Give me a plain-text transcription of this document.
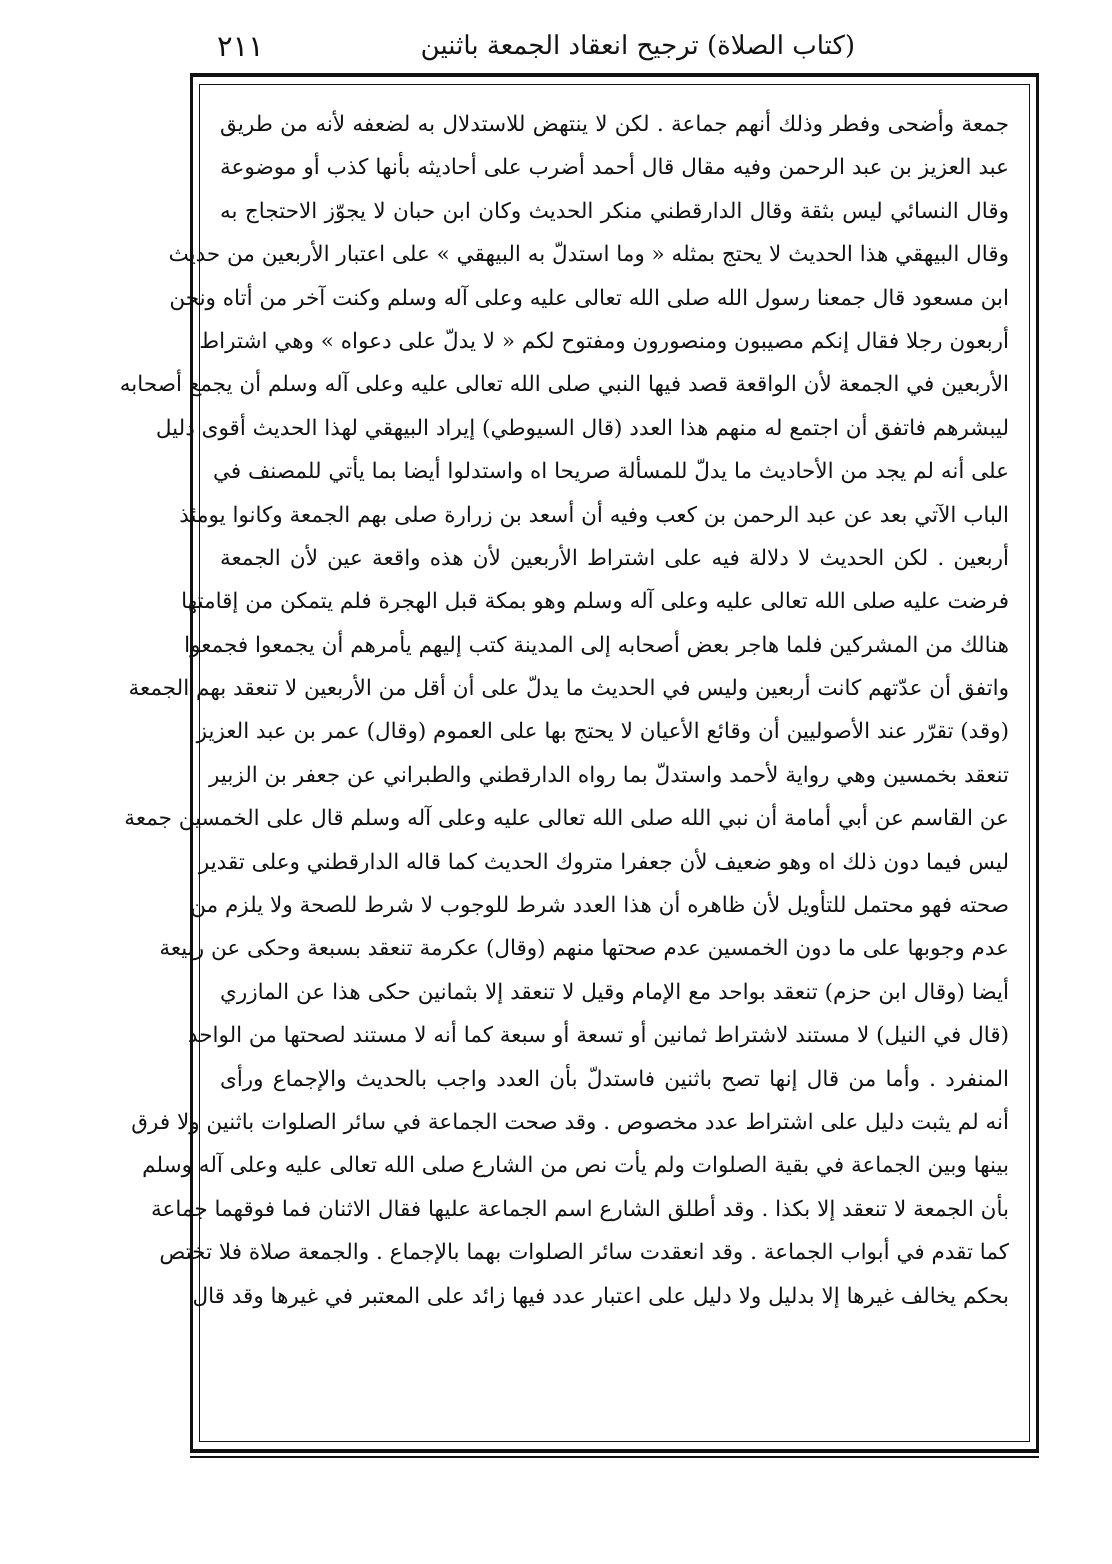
٢١١	(كتاب الصلاة) ترجيح انعقاد الجمعة باثنين
جمعة وأضحى وفطر وذلك أنهم جماعة . لكن لا ينتهض للاستدلال به لضعفه لأنه من طريق
عبد العزيز بن عبد الرحمن وفيه مقال قال أحمد أضرب على أحاديثه بأنها كذب أو موضوعة
وقال النسائي ليس بثقة وقال الدارقطني منكر الحديث وكان ابن حبان لا يجوّز الاحتجاج به
وقال البيهقي هذا الحديث لا يحتج بمثله « وما استدلّ به البيهقي » على اعتبار الأربعين من حديث
ابن مسعود قال جمعنا رسول الله صلى الله تعالى عليه وعلى آله وسلم وكنت آخر من أتاه ونحن
أربعون رجلا فقال إنكم مصيبون ومنصورون ومفتوح لكم « لا يدلّ على دعواه » وهي اشتراط
الأربعين في الجمعة لأن الواقعة قصد فيها النبي صلى الله تعالى عليه وعلى آله وسلم أن يجمع أصحابه
ليبشرهم فاتفق أن اجتمع له منهم هذا العدد (قال السيوطي) إيراد البيهقي لهذا الحديث أقوى دليل
على أنه لم يجد من الأحاديث ما يدلّ للمسألة صريحا اه واستدلوا أيضا بما يأتي للمصنف في
الباب الآتي بعد عن عبد الرحمن بن كعب وفيه أن أسعد بن زرارة صلى بهم الجمعة وكانوا يومئذ
أربعين . لكن الحديث لا دلالة فيه على اشتراط الأربعين لأن هذه واقعة عين لأن الجمعة
فرضت عليه صلى الله تعالى عليه وعلى آله وسلم وهو بمكة قبل الهجرة فلم يتمكن من إقامتها
هنالك من المشركين فلما هاجر بعض أصحابه إلى المدينة كتب إليهم يأمرهم أن يجمعوا فجمعوا
واتفق أن عدّتهم كانت أربعين وليس في الحديث ما يدلّ على أن أقل من الأربعين لا تنعقد بهم الجمعة
(وقد) تقرّر عند الأصوليين أن وقائع الأعيان لا يحتج بها على العموم (وقال) عمر بن عبد العزيز
تنعقد بخمسين وهي رواية لأحمد واستدلّ بما رواه الدارقطني والطبراني عن جعفر بن الزبير
عن القاسم عن أبي أمامة أن نبي الله صلى الله تعالى عليه وعلى آله وسلم قال على الخمسين جمعة
ليس فيما دون ذلك اه وهو ضعيف لأن جعفرا متروك الحديث كما قاله الدارقطني وعلى تقدير
صحته فهو محتمل للتأويل لأن ظاهره أن هذا العدد شرط للوجوب لا شرط للصحة ولا يلزم من
عدم وجوبها على ما دون الخمسين عدم صحتها منهم (وقال) عكرمة تنعقد بسبعة وحكى عن ربيعة
أيضا (وقال ابن حزم) تنعقد بواحد مع الإمام وقيل لا تنعقد إلا بثمانين حكى هذا عن المازري
(قال في النيل) لا مستند لاشتراط ثمانين أو تسعة أو سبعة كما أنه لا مستند لصحتها من الواحد
المنفرد . وأما من قال إنها تصح باثنين فاستدلّ بأن العدد واجب بالحديث والإجماع ورأى
أنه لم يثبت دليل على اشتراط عدد مخصوص . وقد صحت الجماعة في سائر الصلوات باثنين ولا فرق
بينها وبين الجماعة في بقية الصلوات ولم يأت نص من الشارع صلى الله تعالى عليه وعلى آله وسلم
بأن الجمعة لا تنعقد إلا بكذا . وقد أطلق الشارع اسم الجماعة عليها فقال الاثنان فما فوقهما جماعة
كما تقدم في أبواب الجماعة . وقد انعقدت سائر الصلوات بهما بالإجماع . والجمعة صلاة فلا تختص
بحكم يخالف غيرها إلا بدليل ولا دليل على اعتبار عدد فيها زائد على المعتبر في غيرها وقد قال
